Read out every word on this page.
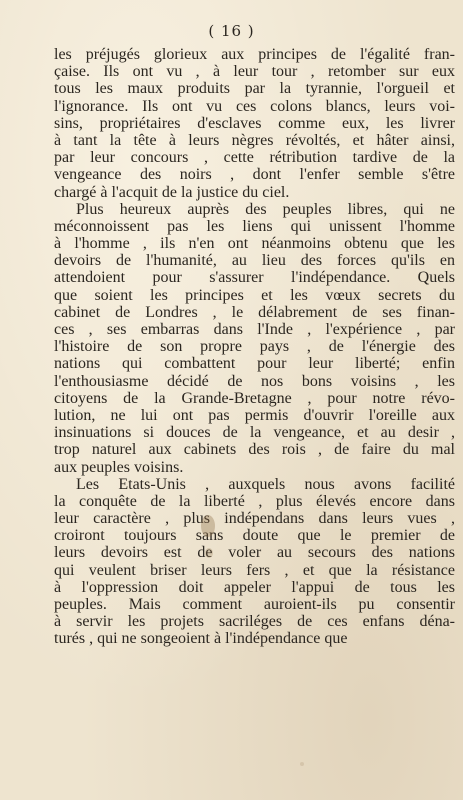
( 16 )
les préjugés glorieux aux principes de l'égalité fran-
çaise. Ils ont vu , à leur tour , retomber sur eux
tous les maux produits par la tyrannie, l'orgueil et
l'ignorance. Ils ont vu ces colons blancs, leurs voi-
sins, propriétaires d'esclaves comme eux, les livrer
à tant la tête à leurs nègres révoltés, et hâter ainsi,
par leur concours , cette rétribution tardive de la
vengeance des noirs , dont l'enfer semble s'être
chargé à l'acquit de la justice du ciel.
Plus heureux auprès des peuples libres, qui ne
méconnoissent pas les liens qui unissent l'homme
à l'homme , ils n'en ont néanmoins obtenu que les
devoirs de l'humanité, au lieu des forces qu'ils en
attendoient pour s'assurer l'indépendance. Quels
que soient les principes et les vœux secrets du
cabinet de Londres , le délabrement de ses finan-
ces , ses embarras dans l'Inde , l'expérience , par
l'histoire de son propre pays , de l'énergie des
nations qui combattent pour leur liberté; enfin
l'enthousiasme décidé de nos bons voisins , les
citoyens de la Grande-Bretagne , pour notre révo-
lution, ne lui ont pas permis d'ouvrir l'oreille aux
insinuations si douces de la vengeance, et au desir ,
trop naturel aux cabinets des rois , de faire du mal
aux peuples voisins.
Les Etats-Unis , auxquels nous avons facilité
la conquête de la liberté , plus élevés encore dans
leur caractère , plus indépendans dans leurs vues ,
croiront toujours sans doute que le premier de
leurs devoirs est de voler au secours des nations
qui veulent briser leurs fers , et que la résistance
à l'oppression doit appeler l'appui de tous les
peuples. Mais comment auroient-ils pu consentir
à servir les projets sacriléges de ces enfans déna-
turés , qui ne songeoient à l'indépendance que
